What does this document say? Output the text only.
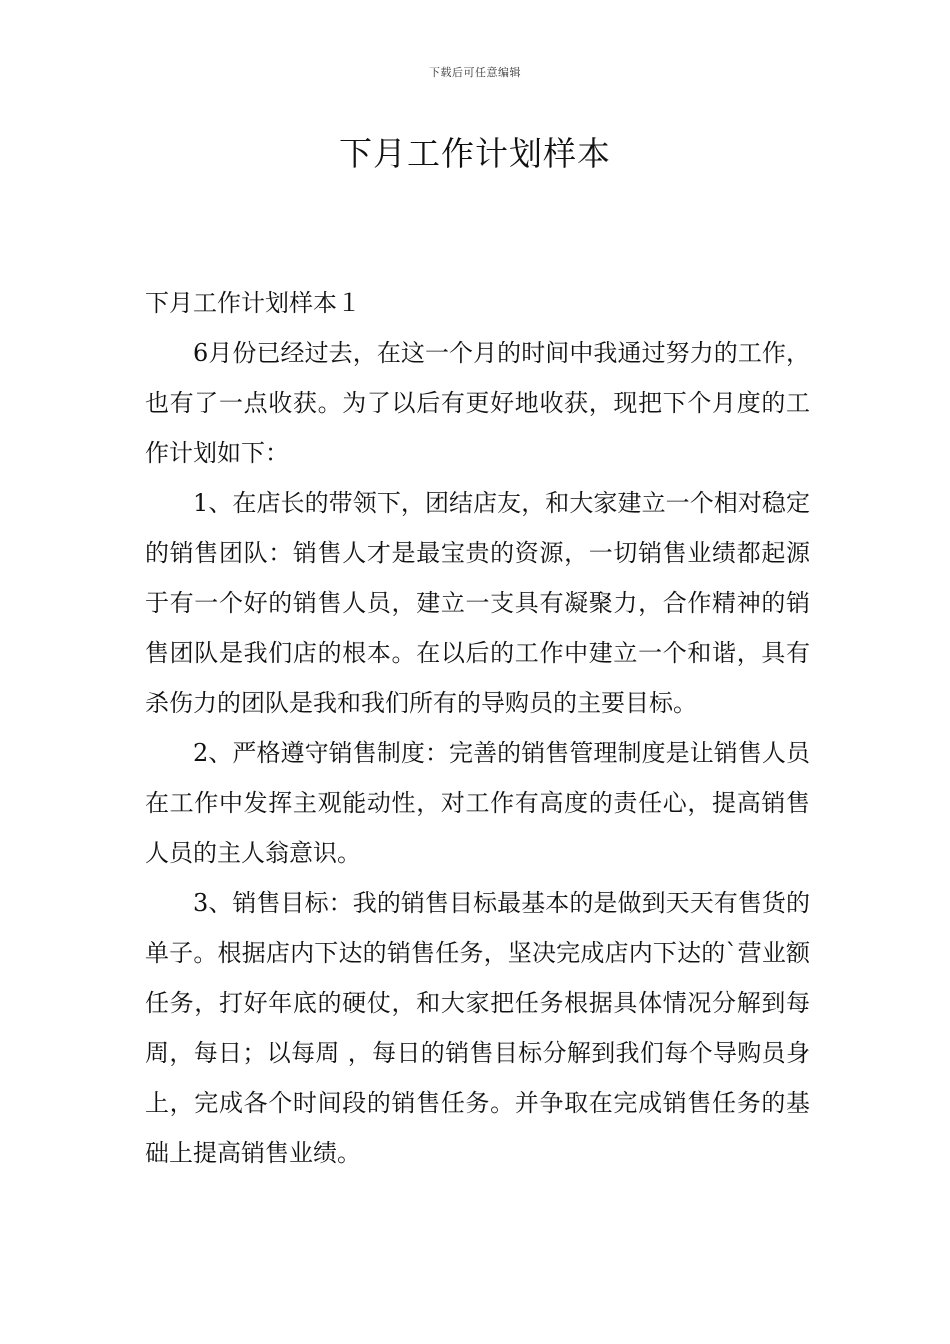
下载后可任意编辑
下月工作计划样本

下月工作计划样本１

6月份已经过去，在这一个月的时间中我通过努力的工作，也有了一点收获。为了以后有更好地收获，现把下个月度的工作计划如下：

1、在店长的带领下，团结店友，和大家建立一个相对稳定的销售团队：销售人才是最宝贵的资源，一切销售业绩都起源于有一个好的销售人员，建立一支具有凝聚力，合作精神的销售团队是我们店的根本。在以后的工作中建立一个和谐，具有杀伤力的团队是我和我们所有的导购员的主要目标。

2、严格遵守销售制度：完善的销售管理制度是让销售人员在工作中发挥主观能动性，对工作有高度的责任心，提高销售人员的主人翁意识。

3、销售目标：我的销售目标最基本的是做到天天有售货的单子。根据店内下达的销售任务，坚决完成店内下达的`营业额任务，打好年底的硬仗，和大家把任务根据具体情况分解到每周，每日；以每周 ，每日的销售目标分解到我们每个导购员身上，完成各个时间段的销售任务。并争取在完成销售任务的基础上提高销售业绩。
